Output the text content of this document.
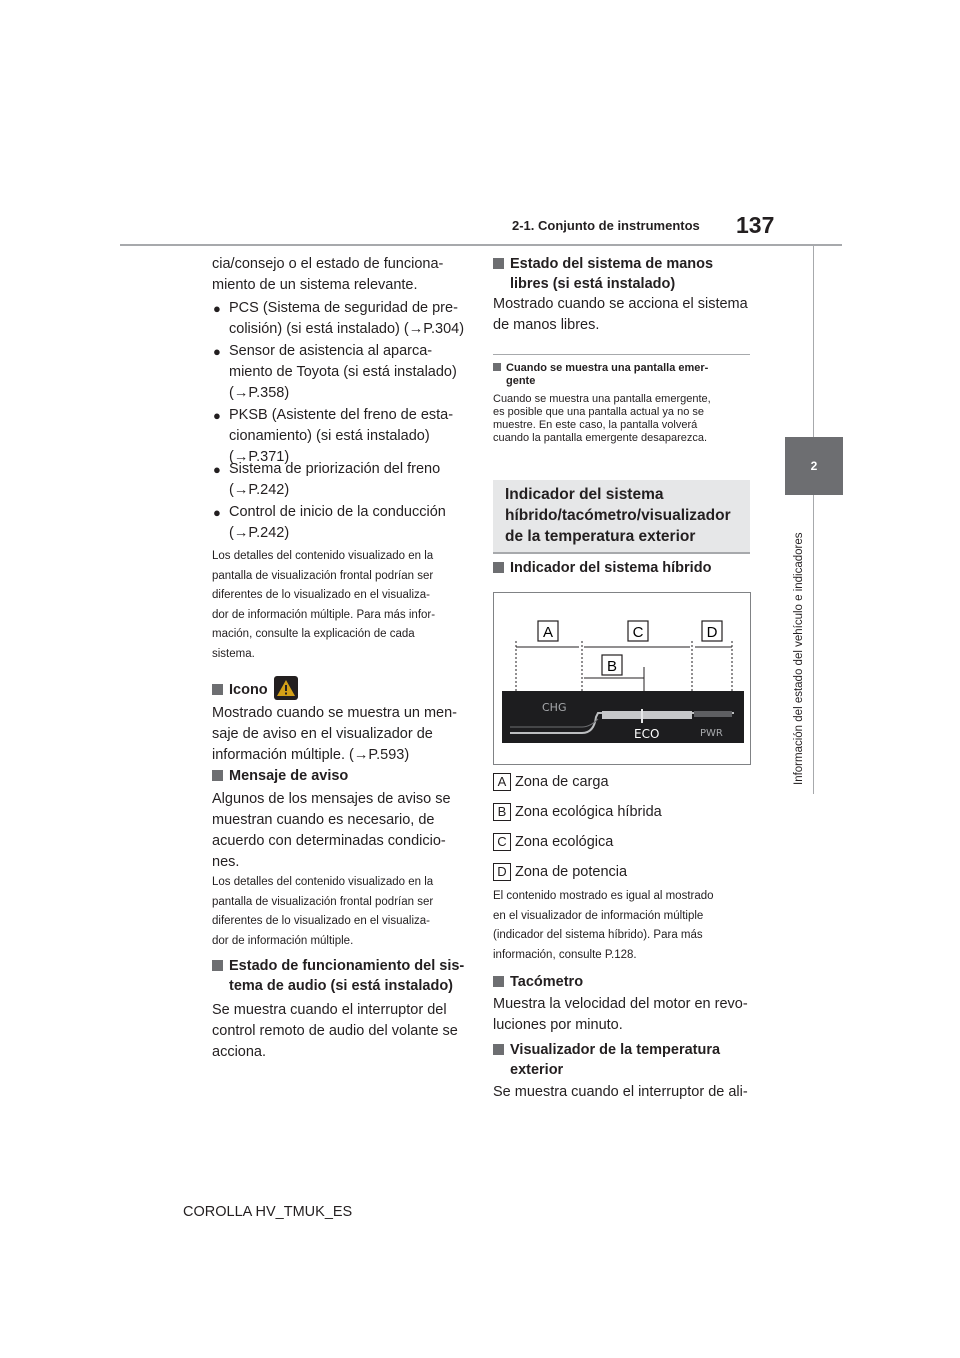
2-1. Conjunto de instrumentos 137
2
Información del estado del vehículo e indicadores
cia/consejo o el estado de funciona-
miento de un sistema relevante.
● PCS (Sistema de seguridad de pre-
colisión) (si está instalado) (→P.304)
● Sensor de asistencia al aparca-
miento de Toyota (si está instalado)
(→P.358)
● PKSB (Asistente del freno de esta-
cionamiento) (si está instalado)
(→P.371)
● Sistema de priorización del freno
(→P.242)
● Control de inicio de la conducción
(→P.242)
Los detalles del contenido visualizado en la
pantalla de visualización frontal podrían ser
diferentes de lo visualizado en el visualiza-
dor de información múltiple. Para más infor-
mación, consulte la explicación de cada
sistema.
Icono
Mostrado cuando se muestra un men-
saje de aviso en el visualizador de
información múltiple. (→P.593)
Mensaje de aviso
Algunos de los mensajes de aviso se
muestran cuando es necesario, de
acuerdo con determinadas condicio-
nes.
Los detalles del contenido visualizado en la
pantalla de visualización frontal podrían ser
diferentes de lo visualizado en el visualiza-
dor de información múltiple.
Estado de funcionamiento del sis-
tema de audio (si está instalado)
Se muestra cuando el interruptor del
control remoto de audio del volante se
acciona.
Estado del sistema de manos
libres (si está instalado)
Mostrado cuando se acciona el sistema
de manos libres.
Cuando se muestra una pantalla emer-
gente
Cuando se muestra una pantalla emergente,
es posible que una pantalla actual ya no se
muestre. En este caso, la pantalla volverá
cuando la pantalla emergente desaparezca.
Indicador del sistema
híbrido/tacómetro/visualizador
de la temperatura exterior
Indicador del sistema híbrido
A	C	D
B
CHG
ECO	PWR
A Zona de carga
B Zona ecológica híbrida
C Zona ecológica
D Zona de potencia
El contenido mostrado es igual al mostrado
en el visualizador de información múltiple
(indicador del sistema híbrido). Para más
información, consulte P.128.
Tacómetro
Muestra la velocidad del motor en revo-
luciones por minuto.
Visualizador de la temperatura
exterior
Se muestra cuando el interruptor de ali-
COROLLA HV_TMUK_ES
